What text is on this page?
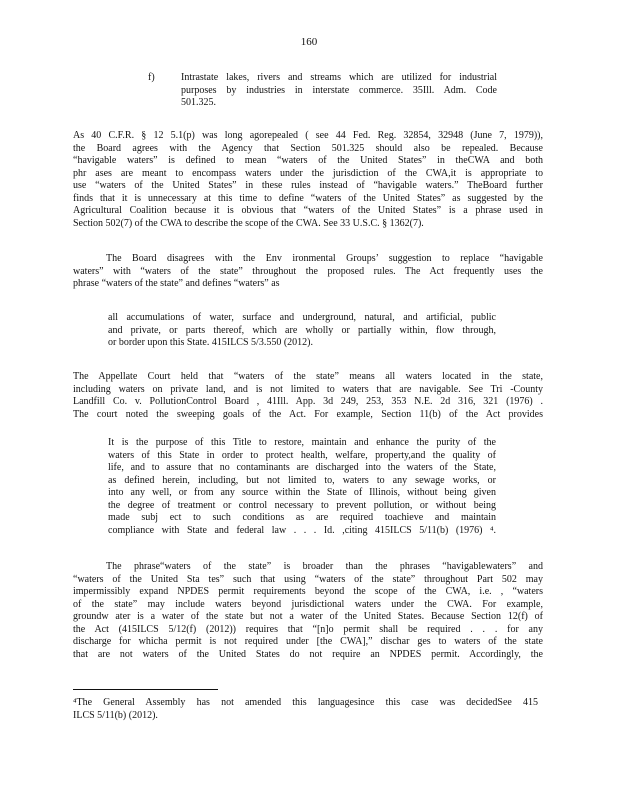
160
f)	Intrastate lakes, rivers and streams which are utilized for industrial
purposes by industries in interstate commerce. 35Ill. Adm. Code
501.325.
As 40 C.F.R. § 12 5.1(p) was long agorepealed ( see 44 Fed. Reg. 32854, 32948 (June 7, 1979)),
the Board agrees with the Agency that Section 501.325 should also be repealed. Because
“havigable waters” is defined to mean “waters of the United States” in theCWA and both
phr ases are meant to encompass waters under the jurisdiction of the CWA,it is appropriate to
use “waters of the United States” in these rules instead of “havigable waters.” TheBoard further
finds that it is unnecessary at this time to define “waters of the United States” as suggested by the
Agricultural Coalition because it is obvious that “waters of the United States” is a phrase used in
Section 502(7) of the CWA to describe the scope of the CWA. See 33 U.S.C. § 1362(7).
The Board disagrees with the Env ironmental Groups’ suggestion to replace “havigable
waters” with “waters of the state” throughout the proposed rules. The Act frequently uses the
phrase “waters of the state” and defines “waters” as
all accumulations of water, surface and underground, natural, and artificial, public
and private, or parts thereof, which are wholly or partially within, flow through,
or border upon this State. 415ILCS 5/3.550 (2012).
The Appellate Court held that “waters of the state” means all waters located in the state,
including waters on private land, and is not limited to waters that are navigable. See Tri -County
Landfill Co. v. PollutionControl Board , 41Ill. App. 3d 249, 253, 353 N.E. 2d 316, 321 (1976) .
The court noted the sweeping goals of the Act. For example, Section 11(b) of the Act provides
It is the purpose of this Title to restore, maintain and enhance the purity of the
waters of this State in order to protect health, welfare, property,and the quality of
life, and to assure that no contaminants are discharged into the waters of the State,
as defined herein, including, but not limited to, waters to any sewage works, or
into any well, or from any source within the State of Illinois, without being given
the degree of treatment or control necessary to prevent pollution, or without being
made subj ect to such conditions as are required toachieve and maintain
compliance with State and federal law . . . Id. ,citing 415ILCS 5/11(b) (1976) ⁴.
The phrase“waters of the state” is broader than the phrases “havigablewaters” and
“waters of the United Sta tes” such that using “waters of the state” throughout Part 502 may
impermissibly expand NPDES permit requirements beyond the scope of the CWA, i.e. , “waters
of the state” may include waters beyond jurisdictional waters under the CWA. For example,
groundw ater is a water of the state but not a water of the United States. Because Section 12(f) of
the Act (415ILCS 5/12(f) (2012)) requires that “[n]o permit shall be required . . . for any
discharge for whicha permit is not required under [the CWA],” dischar ges to waters of the state
that are not waters of the United States do not require an NPDES permit. Accordingly, the
⁴The General Assembly has not amended this languagesince this case was decidedSee 415
ILCS 5/11(b) (2012).
